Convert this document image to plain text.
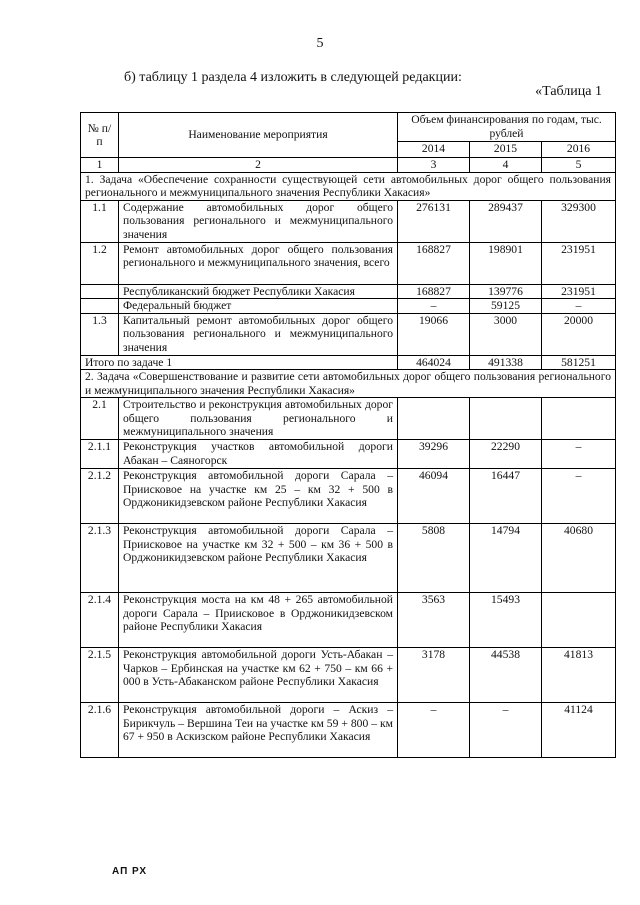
5
б) таблицу 1 раздела 4 изложить в следующей редакции:
«Таблица 1
№ п/п	Наименование мероприятия	Объем финансирования по годам, тыс. рублей		
		2014	2015	2016
1	2	3	4	5
1. Задача «Обеспечение сохранности существующей сети автомобильных дорог общего пользования регионального и межмуниципального значения Республики Хакасия»				
1.1	Содержание автомобильных дорог общего пользования регионального и межмуниципального значения	276131	289437	329300
1.2	Ремонт автомобильных дорог общего пользования регионального и межмуниципального значения, всего	168827	198901	231951
	Республиканский бюджет Республики Хакасия	168827	139776	231951
	Федеральный бюджет	–	59125	–
1.3	Капитальный ремонт автомобильных дорог общего пользования регионального и межмуниципального значения	19066	3000	20000
Итого по задаче 1		464024	491338	581251
2. Задача «Совершенствование и развитие сети автомобильных дорог общего пользования регионального и межмуниципального значения Республики Хакасия»				
2.1	Строительство и реконструкция автомобильных дорог общего пользования регионального и межмуниципального значения			
2.1.1	Реконструкция участков автомобильной дороги Абакан – Саяногорск	39296	22290	–
2.1.2	Реконструкция автомобильной дороги Сарала – Приисковое на участке км 25 – км 32 + 500 в Орджоникидзевском районе Республики Хакасия	46094	16447	–
2.1.3	Реконструкция автомобильной дороги Сарала – Приисковое на участке км 32 + 500 – км 36 + 500 в Орджоникидзевском районе Республики Хакасия	5808	14794	40680
2.1.4	Реконструкция моста на км 48 + 265 автомобильной дороги Сарала – Приисковое в Орджоникидзевском районе Республики Хакасия	3563	15493	
2.1.5	Реконструкция автомобильной дороги Усть-Абакан – Чарков – Ербинская на участке км 62 + 750 – км 66 + 000 в Усть-Абаканском районе Республики Хакасия	3178	44538	41813
2.1.6	Реконструкция автомобильной дороги – Аскиз – Бирикчуль – Вершина Теи на участке км 59 + 800 – км 67 + 950 в Аскизском районе Республики Хакасия	–	–	41124
АП РХ
